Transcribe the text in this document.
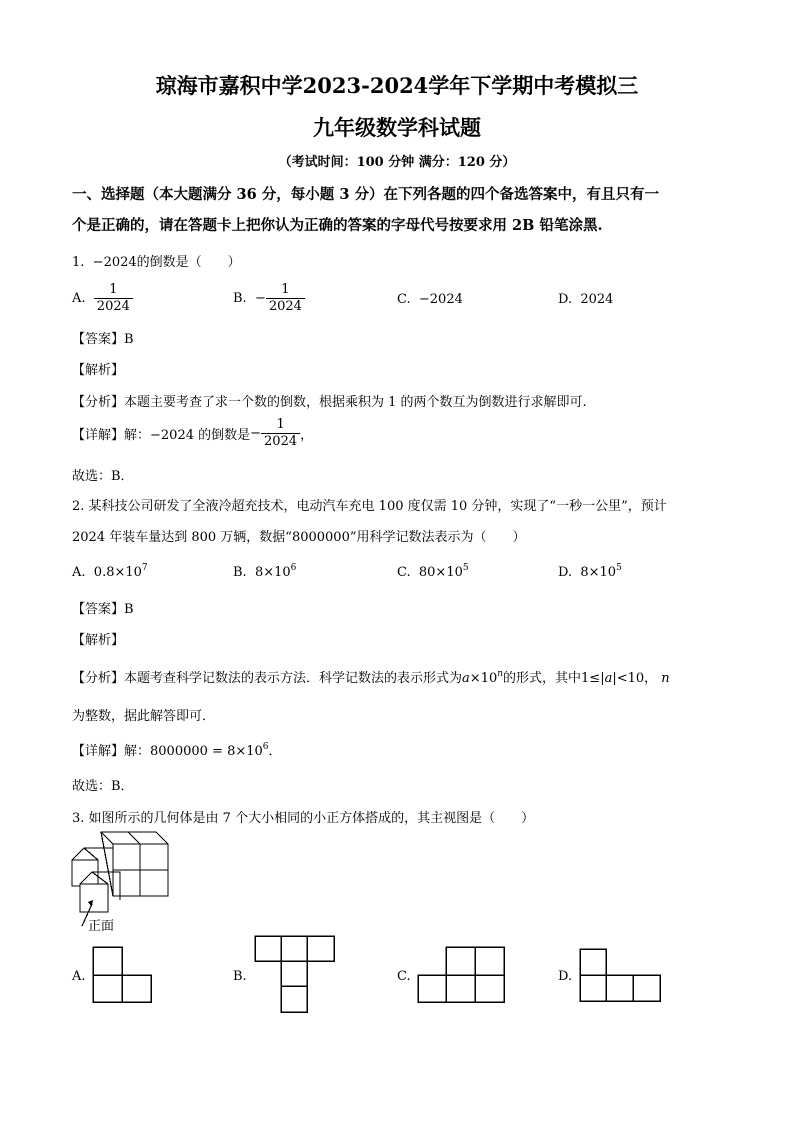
琼海市嘉积中学2023-2024学年下学期中考模拟三
九年级数学科试题
（考试时间：100 分钟 满分：120 分）
一、选择题（本大题满分 36 分，每小题 3 分）在下列各题的四个备选答案中，有且只有一
个是正确的，请在答题卡上把你认为正确的答案的字母代号按要求用 2B 铅笔涂黑.
1. −2024的倒数是（　　）
A. $\frac{1}{2024}$	B. − $\frac{1}{2024}$	C. −2024	D. 2024
【答案】B
【解析】
【分析】本题主要考查了求一个数的倒数，根据乘积为 1 的两个数互为倒数进行求解即可.
【详解】解：−2024 的倒数是− $\frac{1}{2024}$ ，
故选：B．
2. 某科技公司研发了全液冷超充技术，电动汽车充电 100 度仅需 10 分钟，实现了“一秒一公里”，预计
2024 年装车量达到 800 万辆，数据“8000000”用科学记数法表示为（　　）
A. $0.8\times 10^7$	B. $8\times 10^6$	C. $80\times 10^5$	D. $8\times 10^5$
【答案】B
【解析】
【分析】本题考查科学记数法的表示方法．科学记数法的表示形式为$a\times 10^n$的形式，其中1≤|a|<10， n
为整数，据此解答即可．
【详解】解：$8000000 = 8\times 10^6$．
故选：B．
3. 如图所示的几何体是由 7 个大小相同的小正方体搭成的，其主视图是（　　）
正面
A.	B.	C.	D.
